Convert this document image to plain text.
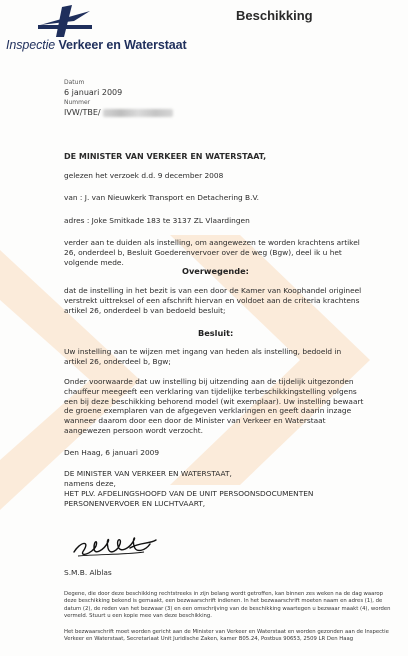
Inspectie Verkeer en Waterstaat
Beschikking
Datum
6 januari 2009
Nummer
IVW/TBE/
DE MINISTER VAN VERKEER EN WATERSTAAT,
gelezen het verzoek d.d. 9 december 2008
van : J. van Nieuwkerk Transport en Detachering B.V.
adres : Joke Smitkade 183 te 3137 ZL Vlaardingen
verder aan te duiden als instelling, om aangewezen te worden krachtens artikel 26, onderdeel b, Besluit Goederenvervoer over de weg (Bgw), deel ik u het volgende mede.
Overwegende:
dat de instelling in het bezit is van een door de Kamer van Koophandel origineel verstrekt uittreksel of een afschrift hiervan en voldoet aan de criteria krachtens artikel 26, onderdeel b van bedoeld besluit;
Besluit:
Uw instelling aan te wijzen met ingang van heden als instelling, bedoeld in artikel 26, onderdeel b, Bgw;
Onder voorwaarde dat uw instelling bij uitzending aan de tijdelijk uitgezonden chauffeur meegeeft een verklaring van tijdelijke terbeschikkingstelling volgens een bij deze beschikking behorend model (wit exemplaar). Uw instelling bewaart de groene exemplaren van de afgegeven verklaringen en geeft daarin inzage wanneer daarom door een door de Minister van Verkeer en Waterstaat aangewezen persoon wordt verzocht.
Den Haag, 6 januari 2009
DE MINISTER VAN VERKEER EN WATERSTAAT,
namens deze,
HET PLV. AFDELINGSHOOFD VAN DE UNIT PERSOONSDOCUMENTEN
PERSONENVERVOER EN LUCHTVAART,
S.M.B. Alblas
Degene, die door deze beschikking rechtstreeks in zijn belang wordt getroffen, kan binnen zes weken na de dag waarop deze beschikking bekend is gemaakt, een bezwaarschrift indienen. In het bezwaarschrift moeten naam en adres (1), de datum (2), de reden van het bezwaar (3) en een omschrijving van de beschikking waartegen u bezwaar maakt (4), worden vermeld. Stuurt u een kopie mee van deze beschikking.
Het bezwaarschrift moet worden gericht aan de Minister van Verkeer en Waterstaat en worden gezonden aan de Inspectie Verkeer en Waterstaat, Secretariaat Unit Juridische Zaken, kamer B05.24, Postbus 90653, 2509 LR Den Haag
